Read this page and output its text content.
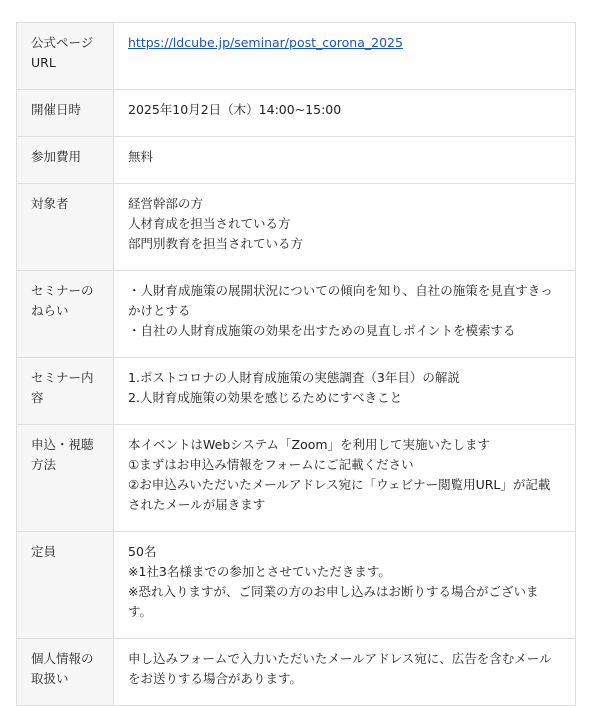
公式ページURL	https://ldcube.jp/seminar/post_corona_2025
開催日時	2025年10月2日（木）14:00~15:00

参加費用	無料

対象者	経営幹部の方
人材育成を担当されている方
部門別教育を担当されている方

セミナーのねらい	・人財育成施策の展開状況についての傾向を知り、自社の施策を見直すきっかけとする
・自社の人財育成施策の効果を出すための見直しポイントを模索する

セミナー内容	1.ポストコロナの人財育成施策の実態調査（3年目）の解説
2.人財育成施策の効果を感じるためにすべきこと

申込・視聴方法	本イベントはWebシステム「Zoom」を利用して実施いたします
①まずはお申込み情報をフォームにご記載ください
②お申込みいただいたメールアドレス宛に「ウェビナー閲覧用URL」が記載されたメールが届きます

定員	50名
※1社3名様までの参加とさせていただきます。
※恐れ入りますが、ご同業の方のお申し込みはお断りする場合がございます。

個人情報の取扱い	申し込みフォームで入力いただいたメールアドレス宛に、広告を含むメールをお送りする場合があります。
